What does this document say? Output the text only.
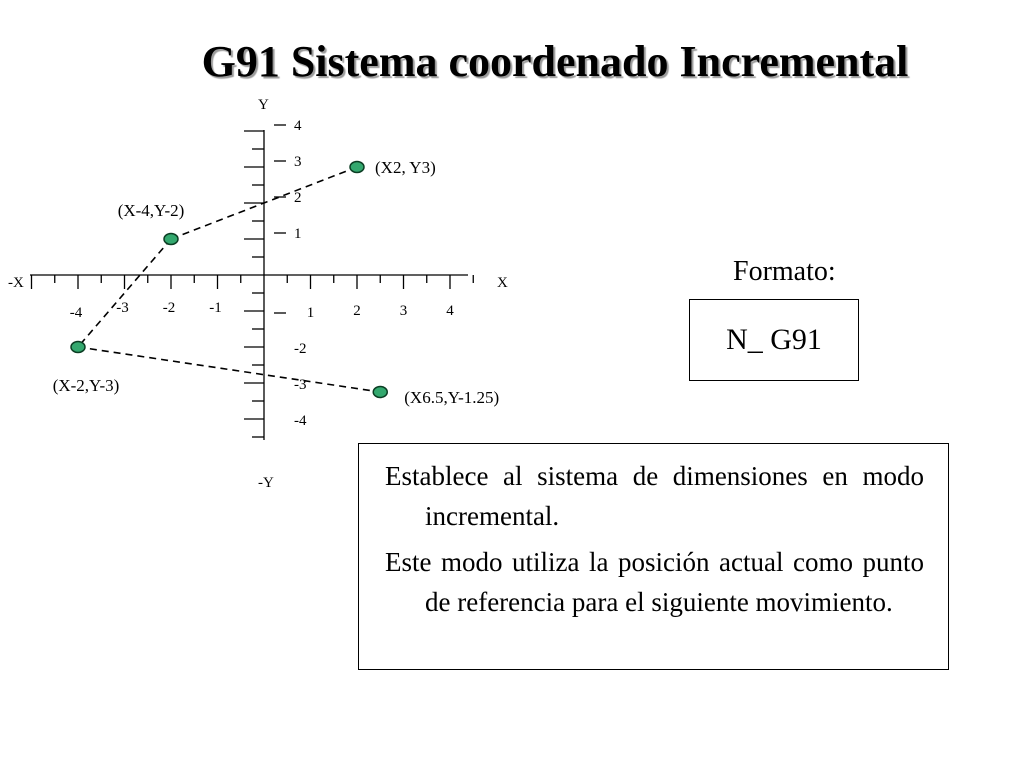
G91 Sistema coordenado Incremental
-4 -3 -2 -1	1	2	3	4
4
3
2
1
-2
-3
-4
Y
X
-X
-Y
(X2, Y3)
(X-4,Y-2)
(X-2,Y-3)
(X6.5,Y-1.25)
Formato:
N_ G91

Establece al sistema de dimensiones en modo incremental.

Este modo utiliza la posición actual como punto de referencia para el siguiente movimiento.
